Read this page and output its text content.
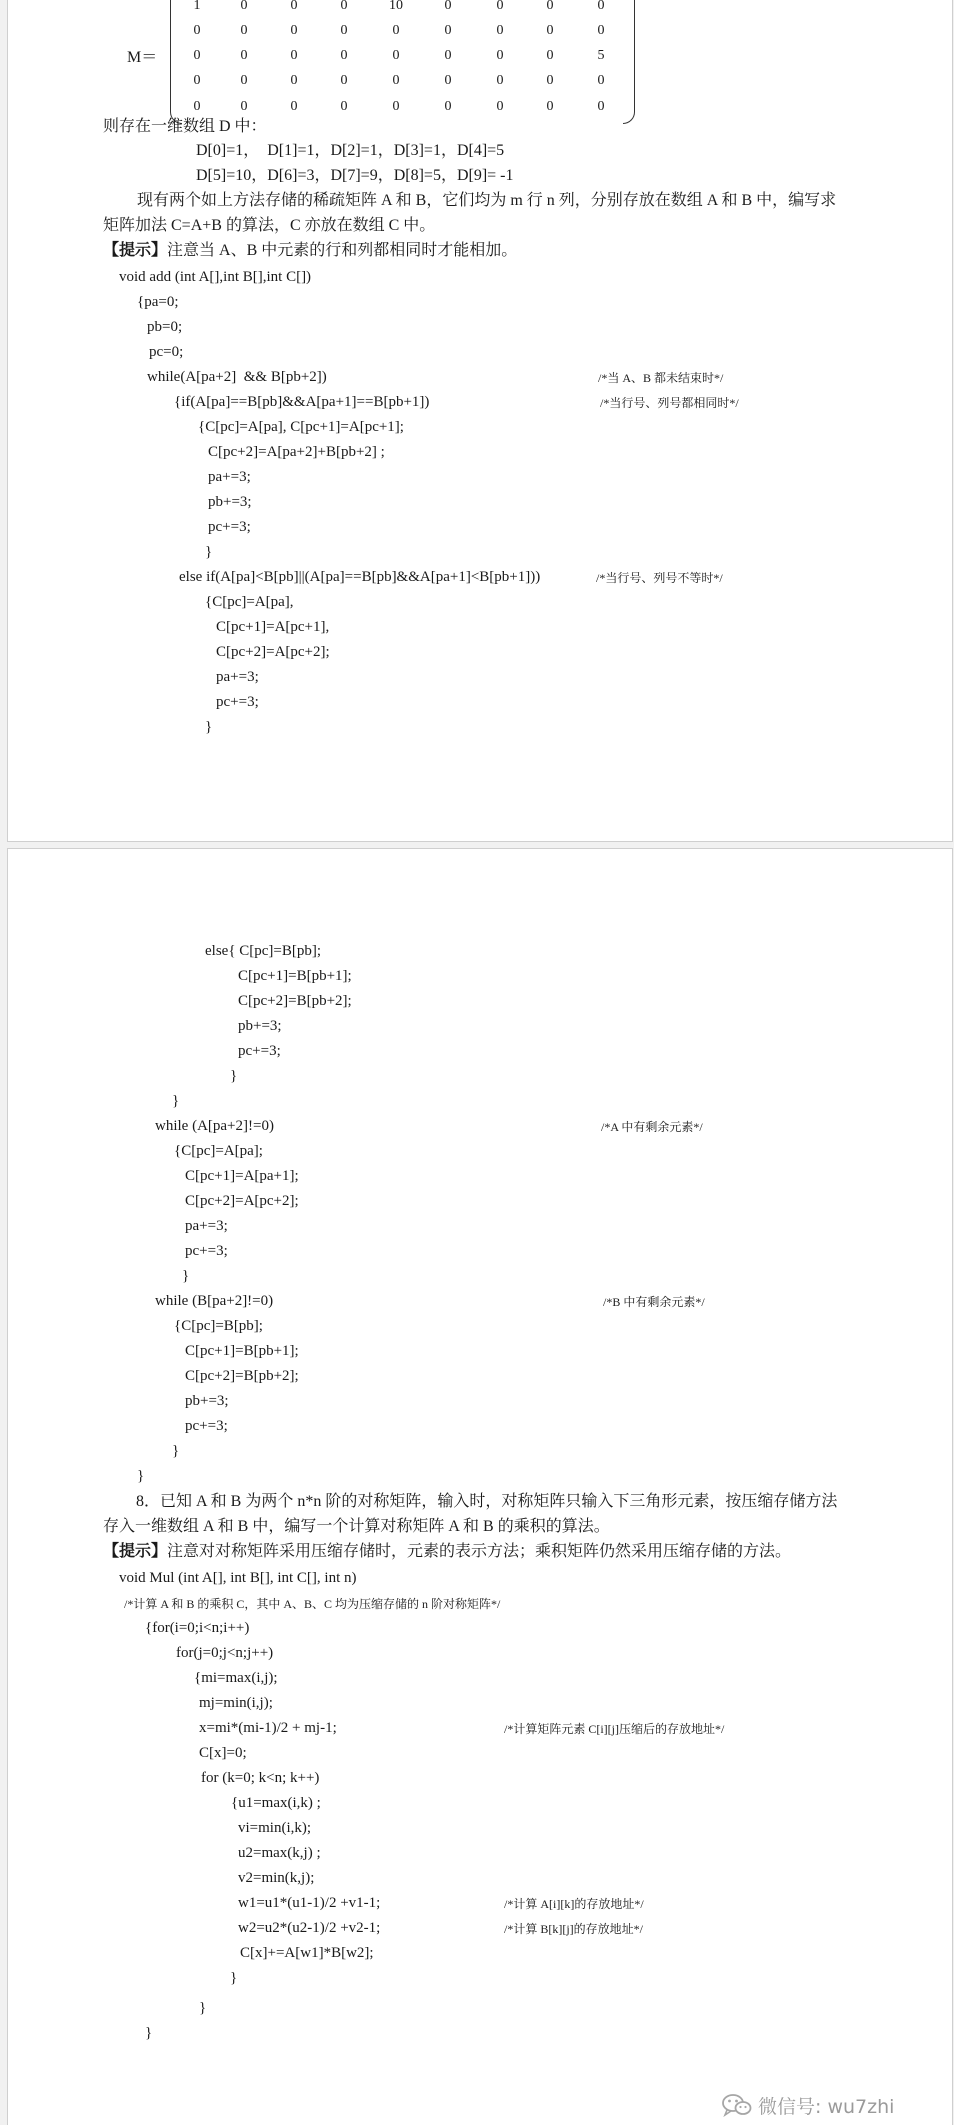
M＝
1	0	0	0	10	0	0	0	0
0	0	0	0	0	0	0	0	0
0	0	0	0	0	0	0	0	5
0	0	0	0	0	0	0	0	0
0	0	0	0	0	0	0	0	0
则存在一维数组 D 中：
D[0]=1，  D[1]=1，D[2]=1，D[3]=1，D[4]=5
D[5]=10，D[6]=3，D[7]=9，D[8]=5，D[9]= -1
现有两个如上方法存储的稀疏矩阵 A 和 B，它们均为 m 行 n 列，分别存放在数组 A 和 B 中，编写求
矩阵加法 C=A+B 的算法，C 亦放在数组 C 中。
【提示】注意当 A、B 中元素的行和列都相同时才能相加。
void add (int A[],int B[],int C[])
{pa=0;
pb=0;
pc=0;
while(A[pa+2]  && B[pb+2])
{if(A[pa]==B[pb]&&A[pa+1]==B[pb+1])
{C[pc]=A[pa], C[pc+1]=A[pc+1];
C[pc+2]=A[pa+2]+B[pb+2] ;
pa+=3;
pb+=3;
pc+=3;
}
else if(A[pa]<B[pb]||(A[pa]==B[pb]&&A[pa+1]<B[pb+1]))
{C[pc]=A[pa],
C[pc+1]=A[pc+1],
C[pc+2]=A[pc+2];
pa+=3;
pc+=3;
}
/*当 A、B 都未结束时*/
/*当行号、列号都相同时*/
/*当行号、列号不等时*/
else{ C[pc]=B[pb];
C[pc+1]=B[pb+1];
C[pc+2]=B[pb+2];
pb+=3;
pc+=3;
}
}
while (A[pa+2]!=0)
{C[pc]=A[pa];
C[pc+1]=A[pa+1];
C[pc+2]=A[pc+2];
pa+=3;
pc+=3;
}
while (B[pa+2]!=0)
{C[pc]=B[pb];
C[pc+1]=B[pb+1];
C[pc+2]=B[pb+2];
pb+=3;
pc+=3;
}
}
/*A 中有剩余元素*/
/*B 中有剩余元素*/
8．已知 A 和 B 为两个 n*n 阶的对称矩阵，输入时，对称矩阵只输入下三角形元素，按压缩存储方法
存入一维数组 A 和 B 中，编写一个计算对称矩阵 A 和 B 的乘积的算法。
【提示】注意对对称矩阵采用压缩存储时，元素的表示方法；乘积矩阵仍然采用压缩存储的方法。
void Mul (int A[], int B[], int C[], int n)
{for(i=0;i<n;i++)
for(j=0;j<n;j++)
{mi=max(i,j);
mj=min(i,j);
x=mi*(mi-1)/2 + mj-1;
C[x]=0;
for (k=0; k<n; k++)
{u1=max(i,k) ;
vi=min(i,k);
u2=max(k,j) ;
v2=min(k,j);
w1=u1*(u1-1)/2 +v1-1;
w2=u2*(u2-1)/2 +v2-1;
C[x]+=A[w1]*B[w2];
}
}
}
/*计算 A 和 B 的乘积 C，其中 A、B、C 均为压缩存储的 n 阶对称矩阵*/
/*计算矩阵元素 C[i][j]压缩后的存放地址*/
/*计算 A[i][k]的存放地址*/
/*计算 B[k][j]的存放地址*/
微信号: wu7zhi
